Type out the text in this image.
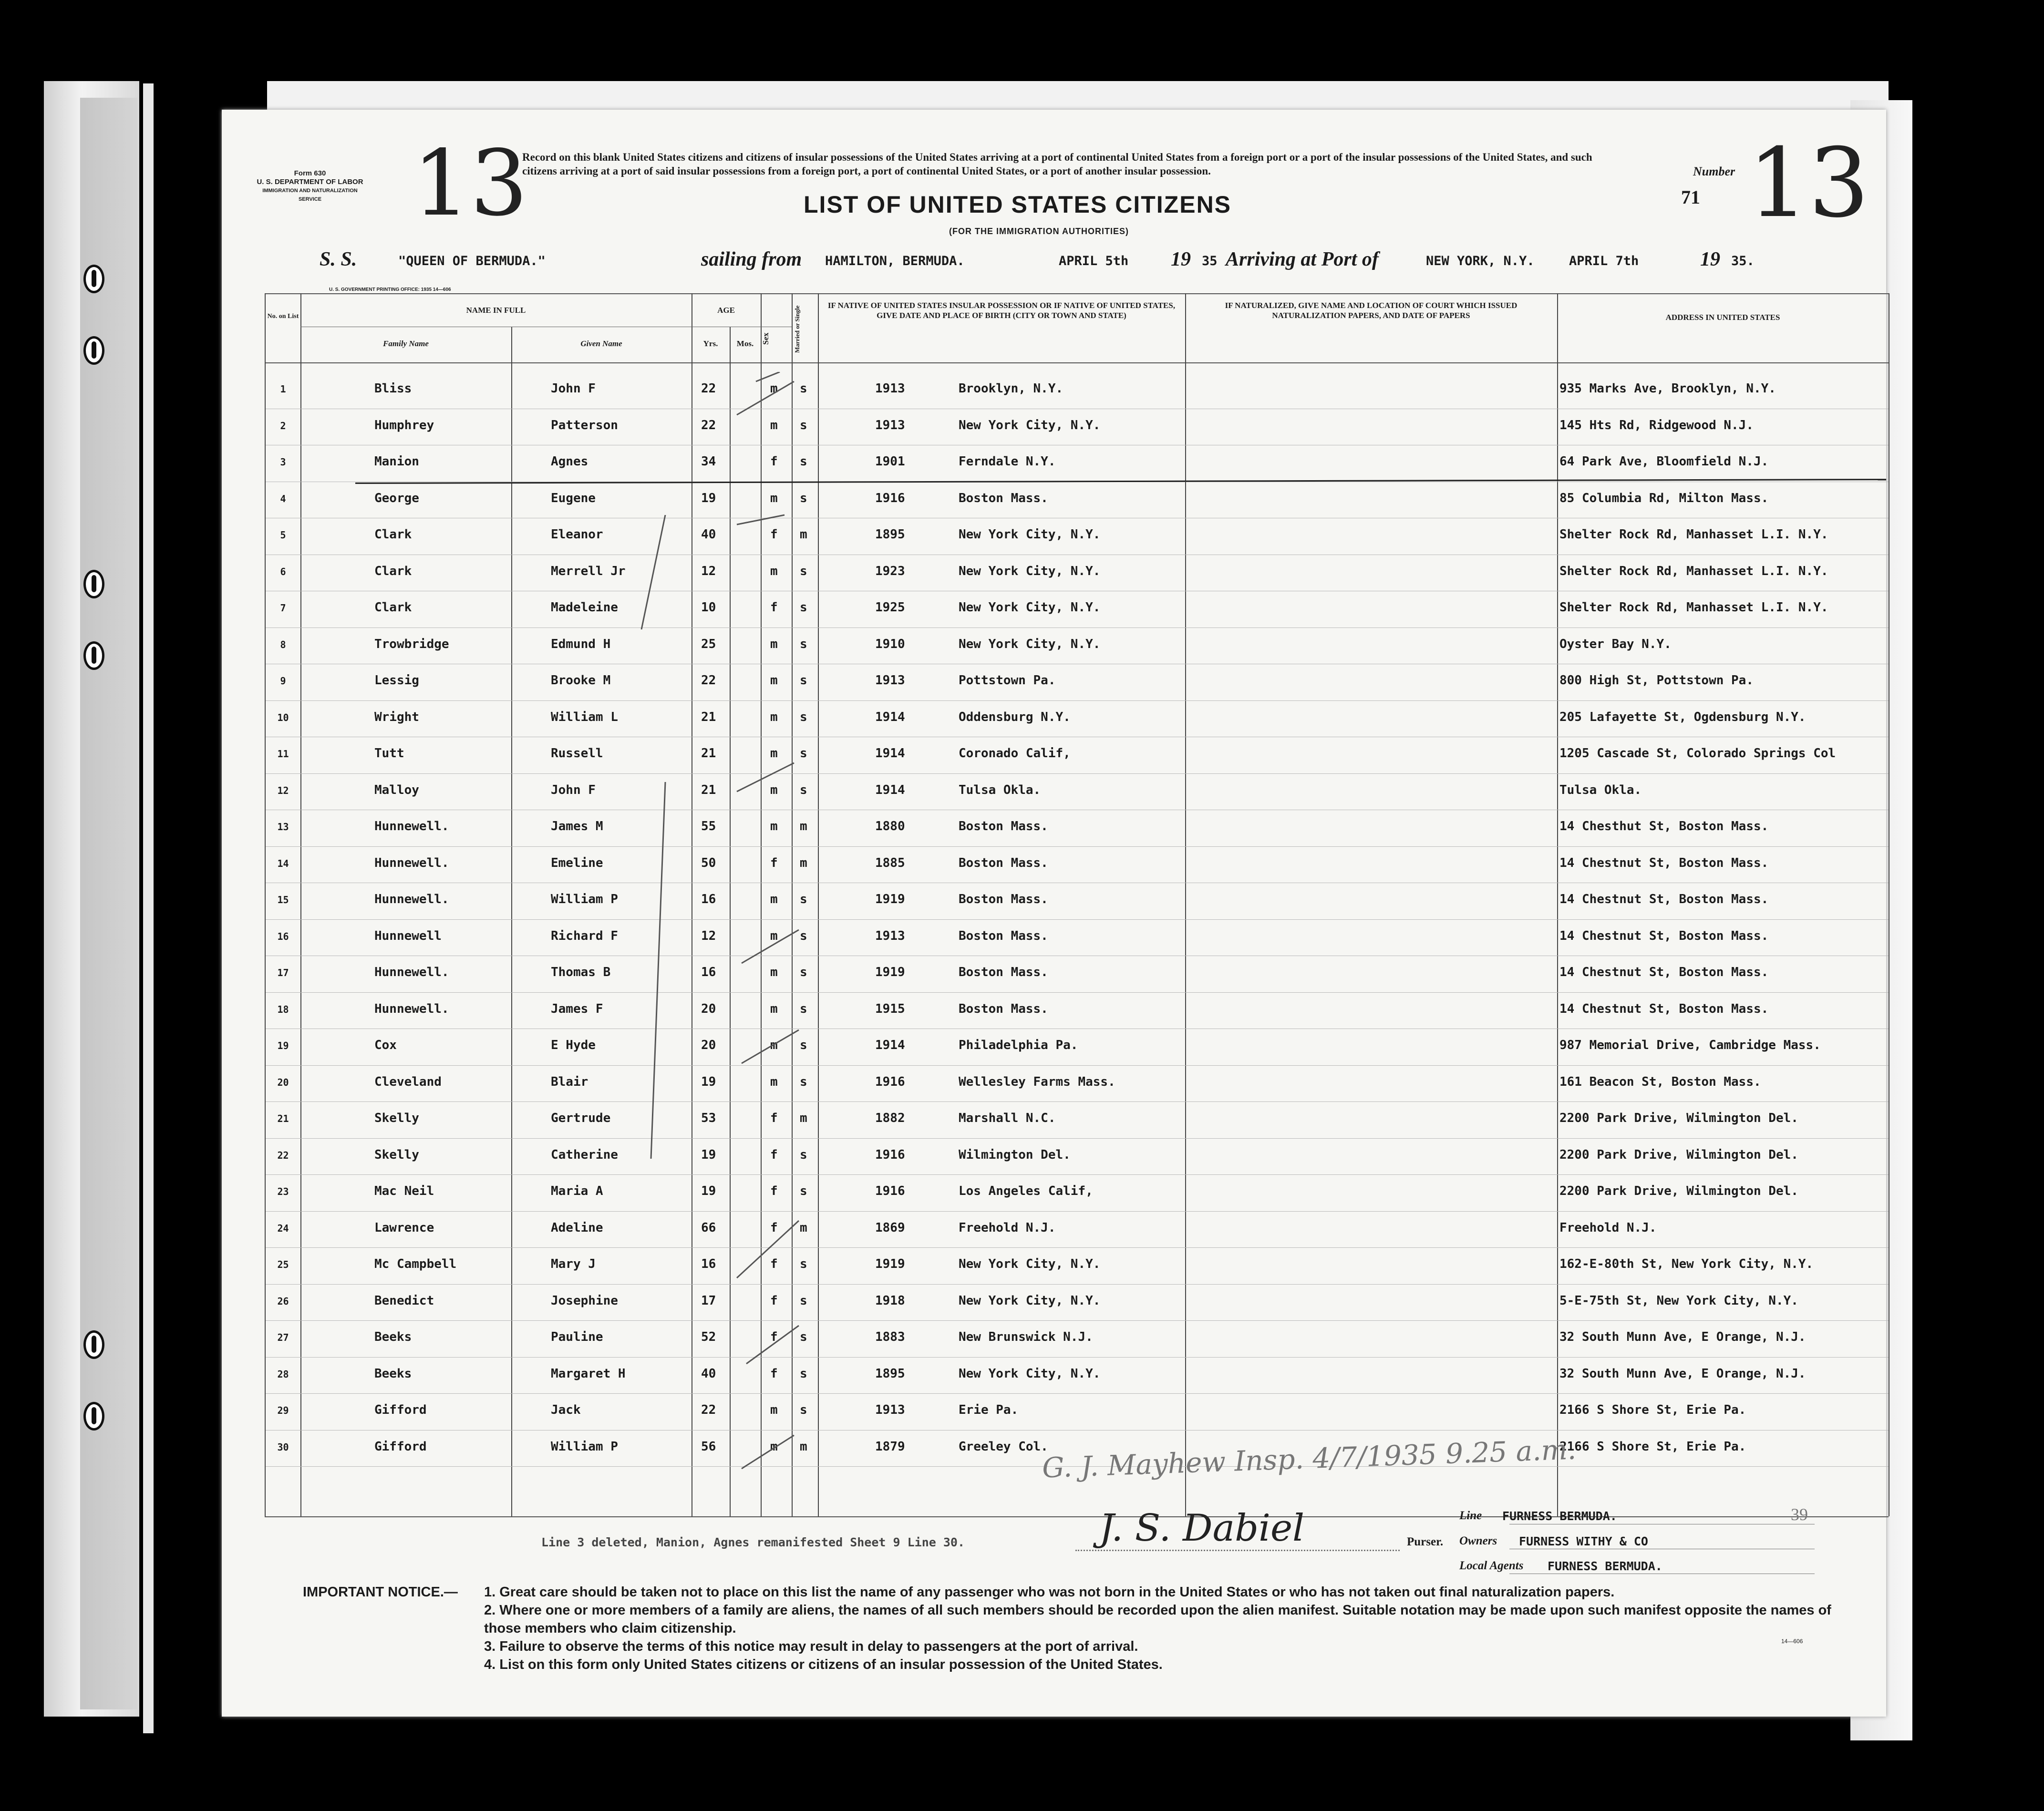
Form 630
U. S. DEPARTMENT OF LABOR
IMMIGRATION AND NATURALIZATION SERVICE	13
Record on this blank United States citizens and citizens of insular possessions of the United States arriving at a port of continental United States from a foreign port or a port of the insular possessions of the United States, and such citizens arriving at a port of said insular possessions from a foreign port, a port of continental United States, or a port of another insular possession.
LIST OF UNITED STATES CITIZENS
(FOR THE IMMIGRATION AUTHORITIES)
Number
71 13
S. S.	"QUEEN OF BERMUDA."	sailing from HAMILTON, BERMUDA.	APRIL 5th 19 35 Arriving at Port of	NEW YORK, N.Y.	APRIL 7th	19 35.
U. S. GOVERNMENT PRINTING OFFICE: 1935 14—606
No. on List
NAME IN FULL
Family Name	Given Name
AGE
Yrs.	Mos. Sex	Married or Single	IF NATIVE OF UNITED STATES INSULAR POSSESSION OR IF NATIVE OF UNITED STATES, GIVE DATE AND PLACE OF BIRTH (CITY OR TOWN AND STATE)
IF NATURALIZED, GIVE NAME AND LOCATION OF COURT WHICH ISSUED NATURALIZATION PAPERS, AND DATE OF PAPERS	ADDRESS IN UNITED STATES
1	Bliss	John F	22	m s	1913	Brooklyn, N.Y.	935 Marks Ave, Brooklyn, N.Y.
2	Humphrey	Patterson	22	m s	1913	New York City, N.Y.	145 Hts Rd, Ridgewood N.J.
3	Manion	Agnes	34	f s	1901	Ferndale N.Y.	64 Park Ave, Bloomfield N.J.
4	George	Eugene	19	m s	1916	Boston Mass.	85 Columbia Rd, Milton Mass.
5	Clark	Eleanor	40	f m	1895	New York City, N.Y.	Shelter Rock Rd, Manhasset L.I. N.Y.
6	Clark	Merrell Jr	12	m s	1923	New York City, N.Y.	Shelter Rock Rd, Manhasset L.I. N.Y.
7	Clark	Madeleine	10	f s	1925	New York City, N.Y.	Shelter Rock Rd, Manhasset L.I. N.Y.
8	Trowbridge	Edmund H	25	m s	1910	New York City, N.Y.	Oyster Bay N.Y.
9	Lessig	Brooke M	22	m s	1913	Pottstown Pa.	800 High St, Pottstown Pa.
10	Wright	William L	21	m s	1914	Oddensburg N.Y.	205 Lafayette St, Ogdensburg N.Y.
11	Tutt	Russell	21	m s	1914	Coronado Calif,	1205 Cascade St, Colorado Springs Col
12	Malloy	John F	21	m s	1914	Tulsa Okla.	Tulsa Okla.
13	Hunnewell.	James M	55	m m	1880	Boston Mass.	14 Chesthut St, Boston Mass.
14	Hunnewell.	Emeline	50	f m	1885	Boston Mass.	14 Chestnut St, Boston Mass.
15	Hunnewell.	William P	16	m s	1919	Boston Mass.	14 Chestnut St, Boston Mass.
16	Hunnewell	Richard F	12	m s	1913	Boston Mass.	14 Chestnut St, Boston Mass.
17	Hunnewell.	Thomas B	16	m s	1919	Boston Mass.	14 Chestnut St, Boston Mass.
18	Hunnewell.	James F	20	m s	1915	Boston Mass.	14 Chestnut St, Boston Mass.
19	Cox	E Hyde	20	m s	1914	Philadelphia Pa.	987 Memorial Drive, Cambridge Mass.
20	Cleveland	Blair	19	m s	1916	Wellesley Farms Mass.	161 Beacon St, Boston Mass.
21	Skelly	Gertrude	53	f m	1882	Marshall N.C.	2200 Park Drive, Wilmington Del.
22	Skelly	Catherine	19	f s	1916	Wilmington Del.	2200 Park Drive, Wilmington Del.
23	Mac Neil	Maria A	19	f s	1916	Los Angeles Calif,	2200 Park Drive, Wilmington Del.
24	Lawrence	Adeline	66	f m	1869	Freehold N.J.	Freehold N.J.
25	Mc Campbell	Mary J	16	f s	1919	New York City, N.Y.	162-E-80th St, New York City, N.Y.
26	Benedict	Josephine	17	f s	1918	New York City, N.Y.	5-E-75th St, New York City, N.Y.
27	Beeks	Pauline	52	f s	1883	New Brunswick N.J.	32 South Munn Ave, E Orange, N.J.
28	Beeks	Margaret H	40	f s	1895	New York City, N.Y.	32 South Munn Ave, E Orange, N.J.
29	Gifford	Jack	22	m s	1913	Erie Pa.	2166 S Shore St, Erie Pa.
30	Gifford	William P	56	m m	1879	Greeley Col.	2166 S Shore St, Erie Pa.
G. J. Mayhew Insp. 4/7/1935 9.25 a.m.
Line 3 deleted, Manion, Agnes remanifested Sheet 9 Line 30.	J. S. Dabiel	Purser.
Line FURNESS BERMUDA.
Owners FURNESS WITHY & CO
Local Agents FURNESS BERMUDA.
39
IMPORTANT NOTICE.— 1. Great care should be taken not to place on this list the name of any passenger who was not born in the United States or who has not taken out final naturalization papers.
2. Where one or more members of a family are aliens, the names of all such members should be recorded upon the alien manifest. Suitable notation may be made upon such manifest opposite the names of those members who claim citizenship.
3. Failure to observe the terms of this notice may result in delay to passengers at the port of arrival.
4. List on this form only United States citizens or citizens of an insular possession of the United States.
14—606
